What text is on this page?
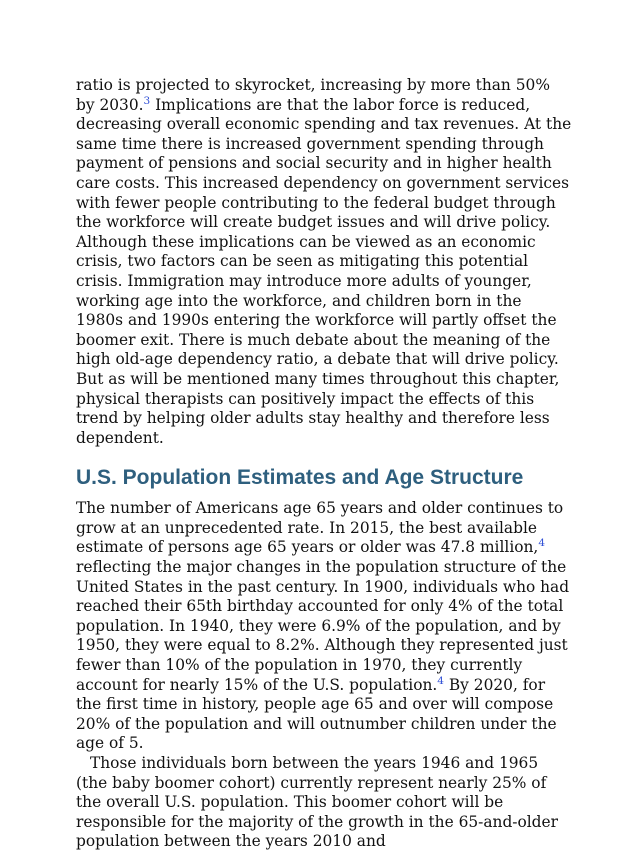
ratio is projected to skyrocket, increasing by more than 50% by 2030.$^3$ Implications are that the labor force is reduced, decreasing overall economic spending and tax revenues. At the same time there is increased government spending through payment of pensions and social security and in higher health care costs. This increased dependency on government services with fewer people contributing to the federal budget through the workforce will create budget issues and will drive policy. Although these implications can be viewed as an economic crisis, two factors can be seen as mitigating this potential crisis. Immigration may introduce more adults of younger, working age into the workforce, and children born in the 1980s and 1990s entering the workforce will partly offset the boomer exit. There is much debate about the meaning of the high old-age dependency ratio, a debate that will drive policy. But as will be mentioned many times throughout this chapter, physical therapists can positively impact the effects of this trend by helping older adults stay healthy and therefore less dependent.

U.S. Population Estimates and Age Structure

The number of Americans age 65 years and older continues to grow at an unprecedented rate. In 2015, the best available estimate of persons age 65 years or older was 47.8 million,$^4$ reflecting the major changes in the population structure of the United States in the past century. In 1900, individuals who had reached their 65th birthday accounted for only 4% of the total population. In 1940, they were 6.9% of the population, and by 1950, they were equal to 8.2%. Although they represented just fewer than 10% of the population in 1970, they currently account for nearly 15% of the U.S. population.$^4$ By 2020, for the first time in history, people age 65 and over will compose 20% of the population and will outnumber children under the age of 5.

Those individuals born between the years 1946 and 1965 (the baby boomer cohort) currently represent nearly 25% of the overall U.S. population. This boomer cohort will be responsible for the majority of the growth in the 65-and-older population between the years 2010 and
